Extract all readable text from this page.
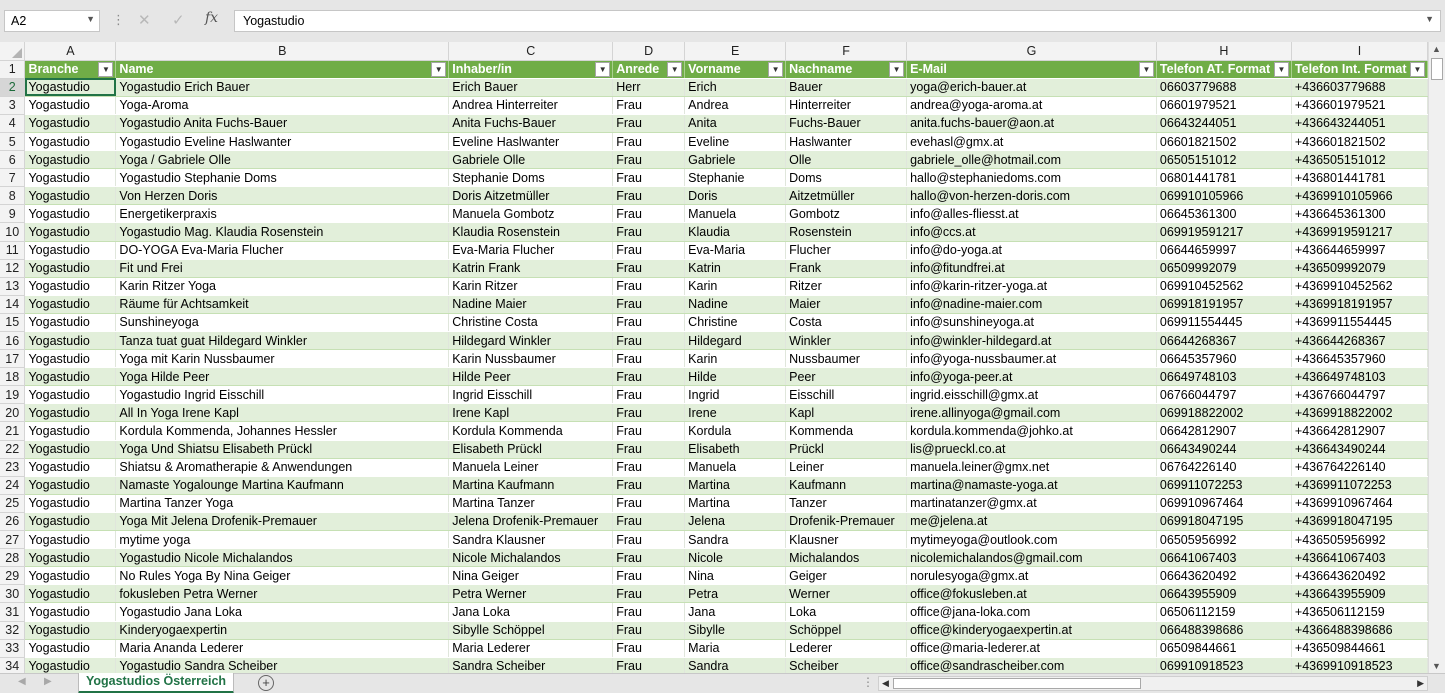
A2	▼ ⋮ ✕ ✓ fx	Yogastudio	▼
	A	B	C	D	E	F	G	H	I
1	Branche ▼	Name ▼	Inhaber/in ▼	Anrede ▼	Vorname ▼	Nachname ▼	E-Mail ▼	Telefon AT. Format ▼	Telefon Int. Format ▼

2	Yogastudio	Yogastudio Erich Bauer	Erich Bauer	Herr	Erich	Bauer	yoga@erich-bauer.at	06603779688	+436603779688
3	Yogastudio	Yoga-Aroma	Andrea Hinterreiter	Frau	Andrea	Hinterreiter	andrea@yoga-aroma.at	06601979521	+436601979521
4	Yogastudio	Yogastudio Anita Fuchs-Bauer	Anita Fuchs-Bauer	Frau	Anita	Fuchs-Bauer	anita.fuchs-bauer@aon.at	06643244051	+436643244051
5	Yogastudio	Yogastudio Eveline Haslwanter	Eveline Haslwanter	Frau	Eveline	Haslwanter	evehasl@gmx.at	06601821502	+436601821502
6	Yogastudio	Yoga / Gabriele Olle	Gabriele Olle	Frau	Gabriele	Olle	gabriele_olle@hotmail.com	06505151012	+436505151012
7	Yogastudio	Yogastudio Stephanie Doms	Stephanie Doms	Frau	Stephanie	Doms	hallo@stephaniedoms.com	06801441781	+436801441781
8	Yogastudio	Von Herzen Doris	Doris Aitzetmüller	Frau	Doris	Aitzetmüller	hallo@von-herzen-doris.com	069910105966	+4369910105966
9	Yogastudio	Energetikerpraxis	Manuela Gombotz	Frau	Manuela	Gombotz	info@alles-fliesst.at	06645361300	+436645361300
10	Yogastudio	Yogastudio Mag. Klaudia Rosenstein	Klaudia Rosenstein	Frau	Klaudia	Rosenstein	info@ccs.at	069919591217	+4369919591217
11	Yogastudio	DO-YOGA Eva-Maria Flucher	Eva-Maria Flucher	Frau	Eva-Maria	Flucher	info@do-yoga.at	06644659997	+436644659997
12	Yogastudio	Fit und Frei	Katrin Frank	Frau	Katrin	Frank	info@fitundfrei.at	06509992079	+436509992079
13	Yogastudio	Karin Ritzer Yoga	Karin Ritzer	Frau	Karin	Ritzer	info@karin-ritzer-yoga.at	069910452562	+4369910452562
14	Yogastudio	Räume für Achtsamkeit	Nadine Maier	Frau	Nadine	Maier	info@nadine-maier.com	069918191957	+4369918191957
15	Yogastudio	Sunshineyoga	Christine Costa	Frau	Christine	Costa	info@sunshineyoga.at	069911554445	+4369911554445
16	Yogastudio	Tanza tuat guat Hildegard Winkler	Hildegard Winkler	Frau	Hildegard	Winkler	info@winkler-hildegard.at	06644268367	+436644268367
17	Yogastudio	Yoga mit Karin Nussbaumer	Karin Nussbaumer	Frau	Karin	Nussbaumer	info@yoga-nussbaumer.at	06645357960	+436645357960
18	Yogastudio	Yoga Hilde Peer	Hilde Peer	Frau	Hilde	Peer	info@yoga-peer.at	06649748103	+436649748103
19	Yogastudio	Yogastudio Ingrid Eisschill	Ingrid Eisschill	Frau	Ingrid	Eisschill	ingrid.eisschill@gmx.at	06766044797	+436766044797
20	Yogastudio	All In Yoga Irene Kapl	Irene Kapl	Frau	Irene	Kapl	irene.allinyoga@gmail.com	069918822002	+4369918822002
21	Yogastudio	Kordula Kommenda, Johannes Hessler	Kordula Kommenda	Frau	Kordula	Kommenda	kordula.kommenda@johko.at	06642812907	+436642812907
22	Yogastudio	Yoga Und Shiatsu Elisabeth Prückl	Elisabeth Prückl	Frau	Elisabeth	Prückl	lis@prueckl.co.at	06643490244	+436643490244
23	Yogastudio	Shiatsu & Aromatherapie & Anwendungen	Manuela Leiner	Frau	Manuela	Leiner	manuela.leiner@gmx.net	06764226140	+436764226140
24	Yogastudio	Namaste Yogalounge Martina Kaufmann	Martina Kaufmann	Frau	Martina	Kaufmann	martina@namaste-yoga.at	069911072253	+4369911072253
25	Yogastudio	Martina Tanzer Yoga	Martina Tanzer	Frau	Martina	Tanzer	martinatanzer@gmx.at	069910967464	+4369910967464
26	Yogastudio	Yoga Mit Jelena Drofenik-Premauer	Jelena Drofenik-Premauer	Frau	Jelena	Drofenik-Premauer	me@jelena.at	069918047195	+4369918047195
27	Yogastudio	mytime yoga	Sandra Klausner	Frau	Sandra	Klausner	mytimeyoga@outlook.com	06505956992	+436505956992
28	Yogastudio	Yogastudio Nicole Michalandos	Nicole Michalandos	Frau	Nicole	Michalandos	nicolemichalandos@gmail.com	06641067403	+436641067403
29	Yogastudio	No Rules Yoga By Nina Geiger	Nina Geiger	Frau	Nina	Geiger	norulesyoga@gmx.at	06643620492	+436643620492
30	Yogastudio	fokusleben Petra Werner	Petra Werner	Frau	Petra	Werner	office@fokusleben.at	06643955909	+436643955909
31	Yogastudio	Yogastudio Jana Loka	Jana Loka	Frau	Jana	Loka	office@jana-loka.com	06506112159	+436506112159
32	Yogastudio	Kinderyogaexpertin	Sibylle Schöppel	Frau	Sibylle	Schöppel	office@kinderyogaexpertin.at	066488398686	+4366488398686
33	Yogastudio	Maria Ananda Lederer	Maria Lederer	Frau	Maria	Lederer	office@maria-lederer.at	06509844661	+436509844661
34	Yogastudio	Yogastudio Sandra Scheiber	Sandra Scheiber	Frau	Sandra	Scheiber	office@sandrascheiber.com	069910918523	+4369910918523
▲
▼
◀ ▶	Yogastudios Österreich	+	⋮ ◀	▶
